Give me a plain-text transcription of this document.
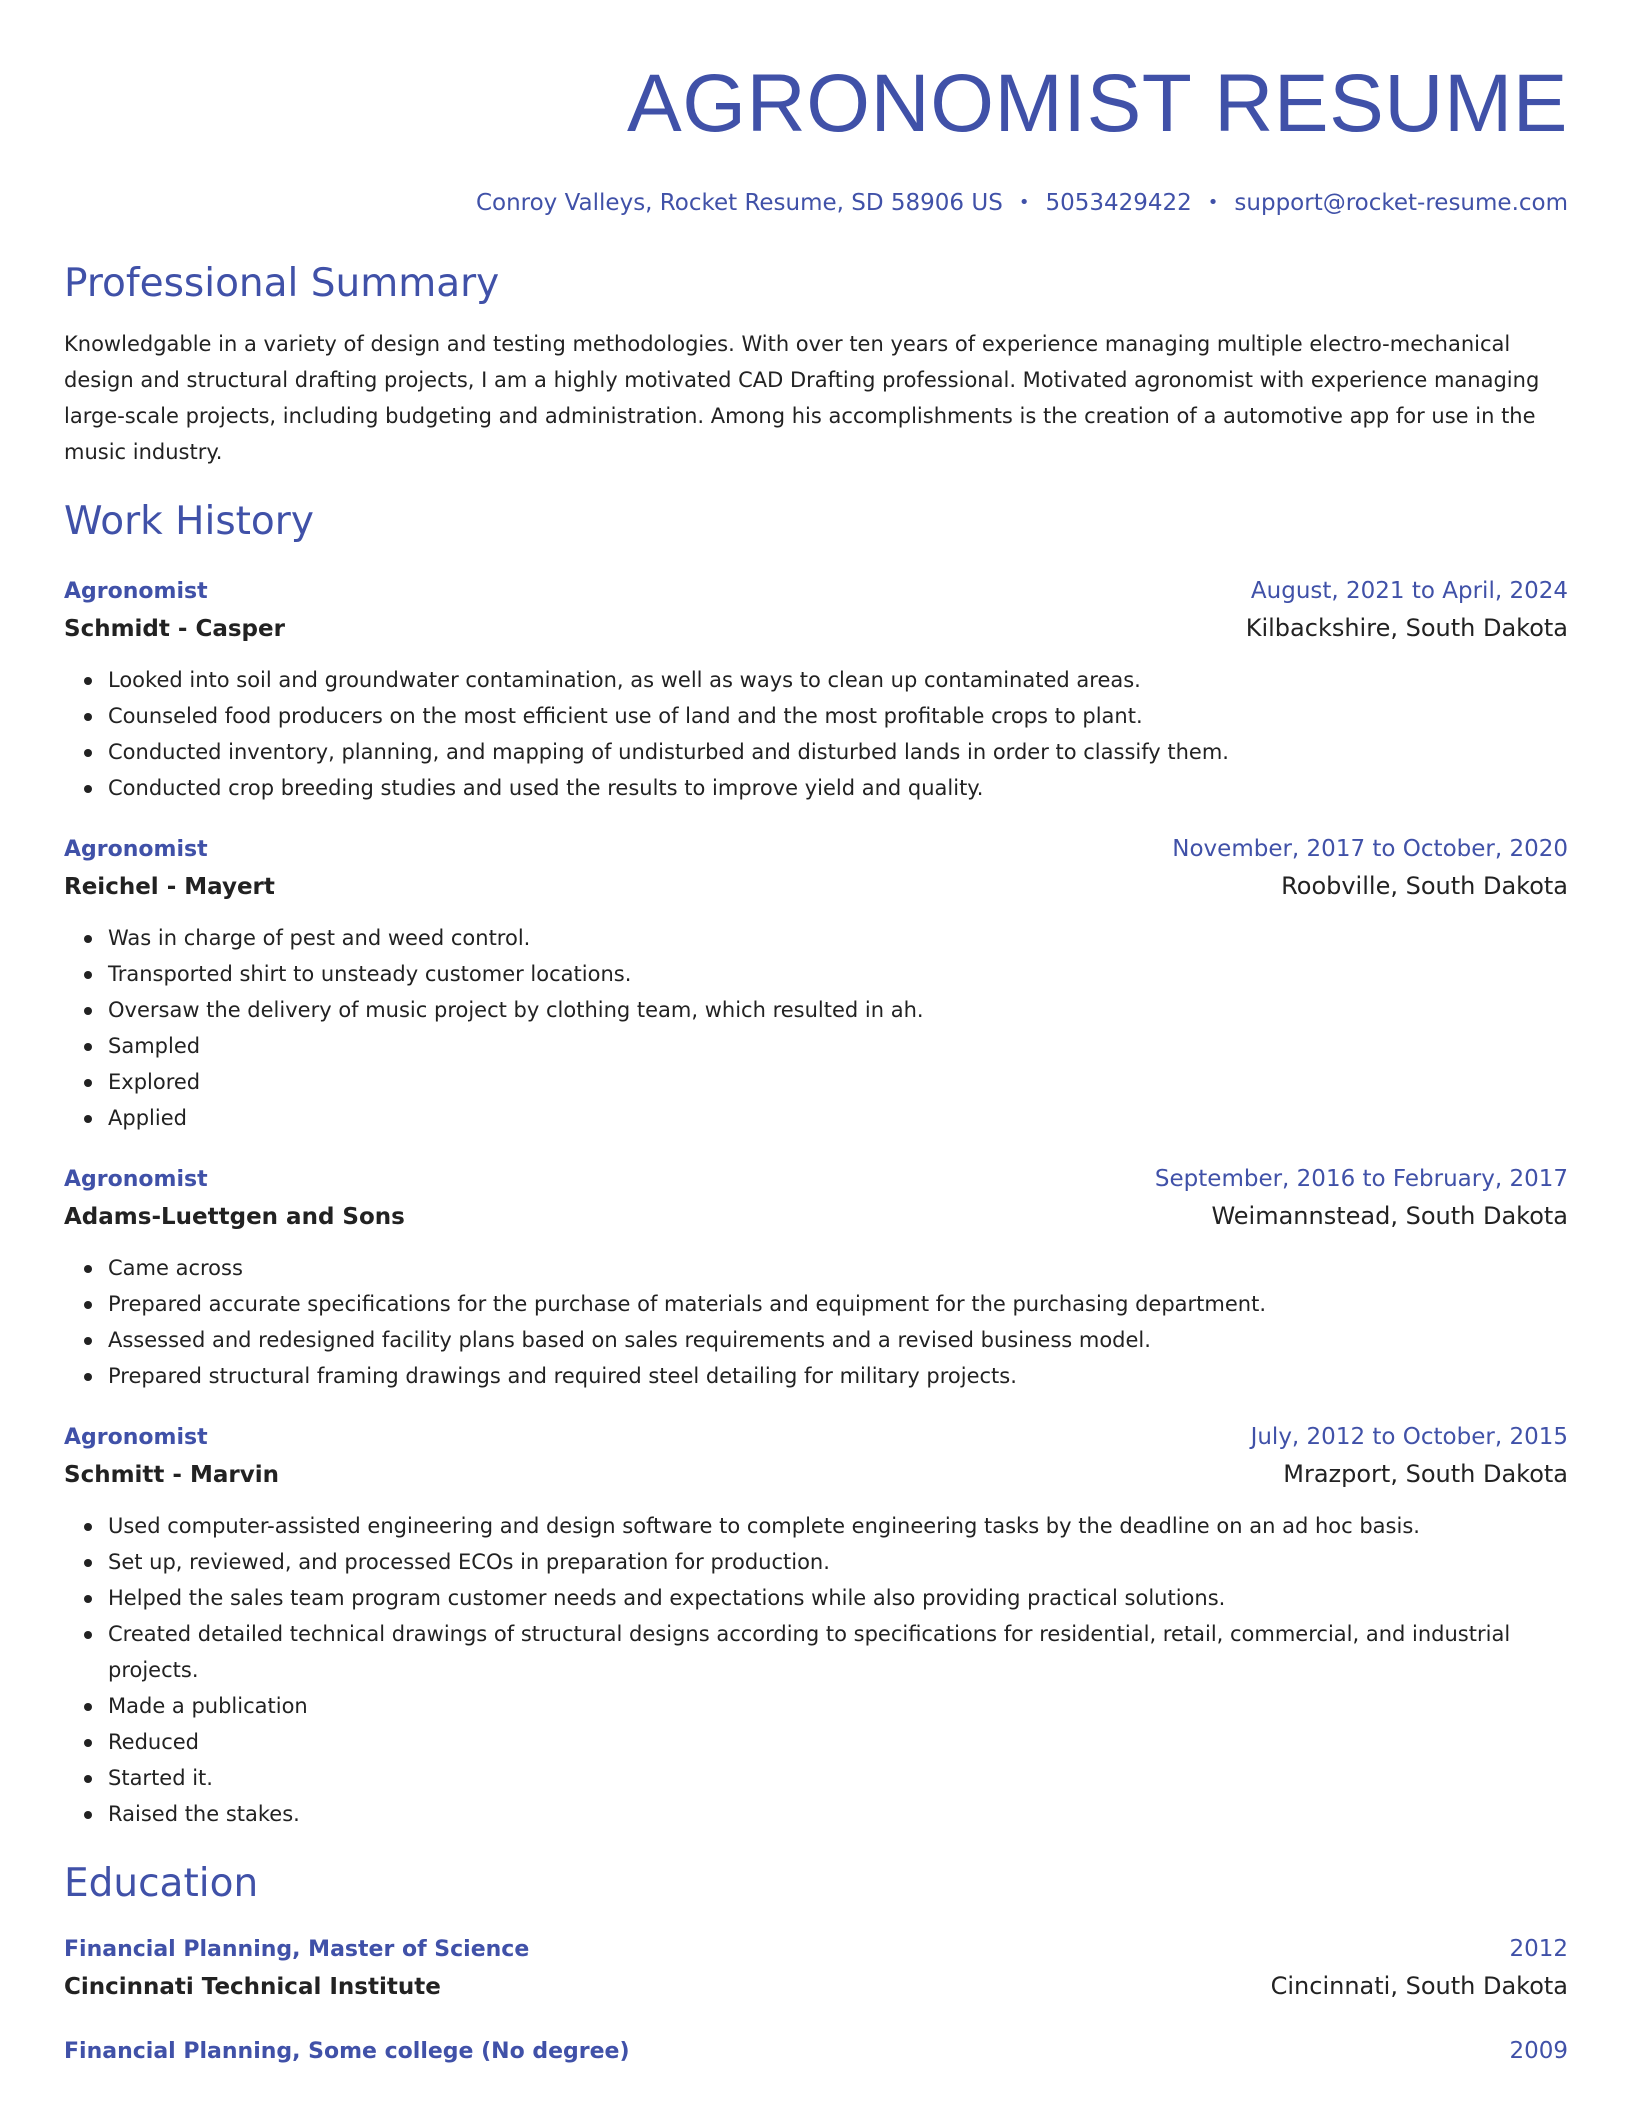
AGRONOMIST RESUME
Conroy Valleys, Rocket Resume, SD 58906 US • 5053429422 • support@rocket-resume.com
Professional Summary

Knowledgable in a variety of design and testing methodologies. With over ten years of experience managing multiple electro-mechanical design and structural drafting projects, I am a highly motivated CAD Drafting professional. Motivated agronomist with experience managing large-scale projects, including budgeting and administration. Among his accomplishments is the creation of a automotive app for use in the music industry.

Work History
Agronomist	August, 2021 to April, 2024
Schmidt - Casper	Kilbackshire, South Dakota
Looked into soil and groundwater contamination, as well as ways to clean up contaminated areas.
Counseled food producers on the most efficient use of land and the most profitable crops to plant.
Conducted inventory, planning, and mapping of undisturbed and disturbed lands in order to classify them.
Conducted crop breeding studies and used the results to improve yield and quality.
Agronomist	November, 2017 to October, 2020
Reichel - Mayert	Roobville, South Dakota
Was in charge of pest and weed control.
Transported shirt to unsteady customer locations.
Oversaw the delivery of music project by clothing team, which resulted in ah.
Sampled
Explored
Applied
Agronomist	September, 2016 to February, 2017
Adams-Luettgen and Sons	Weimannstead, South Dakota
Came across
Prepared accurate specifications for the purchase of materials and equipment for the purchasing department.
Assessed and redesigned facility plans based on sales requirements and a revised business model.
Prepared structural framing drawings and required steel detailing for military projects.
Agronomist	July, 2012 to October, 2015
Schmitt - Marvin	Mrazport, South Dakota
Used computer-assisted engineering and design software to complete engineering tasks by the deadline on an ad hoc basis.
Set up, reviewed, and processed ECOs in preparation for production.
Helped the sales team program customer needs and expectations while also providing practical solutions.
Created detailed technical drawings of structural designs according to specifications for residential, retail, commercial, and industrial projects.
Made a publication
Reduced
Started it.
Raised the stakes.
Education
Financial Planning, Master of Science	2012
Cincinnati Technical Institute	Cincinnati, South Dakota
Financial Planning, Some college (No degree)	2009
